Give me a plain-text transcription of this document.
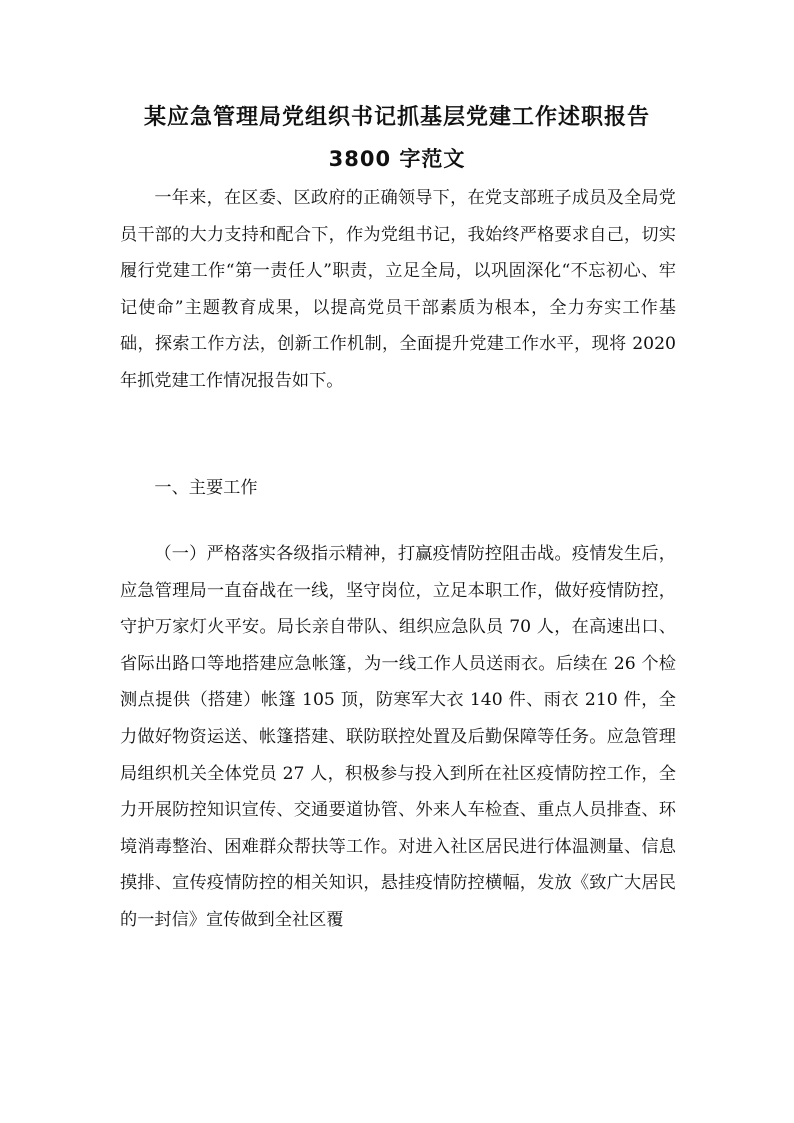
某应急管理局党组织书记抓基层党建工作述职报告
3800 字范文

一年来，在区委、区政府的正确领导下，在党支部班子成员及全局党员干部的大力支持和配合下，作为党组书记，我始终严格要求自己，切实履行党建工作“第一责任人”职责，立足全局，以巩固深化“不忘初心、牢记使命”主题教育成果，以提高党员干部素质为根本，全力夯实工作基础，探索工作方法，创新工作机制，全面提升党建工作水平，现将 2020 年抓党建工作情况报告如下。

一、主要工作

（一）严格落实各级指示精神，打赢疫情防控阻击战。疫情发生后，应急管理局一直奋战在一线，坚守岗位，立足本职工作，做好疫情防控，守护万家灯火平安。局长亲自带队、组织应急队员 70 人，在高速出口、省际出路口等地搭建应急帐篷，为一线工作人员送雨衣。后续在 26 个检测点提供（搭建）帐篷 105 顶，防寒军大衣 140 件、雨衣 210 件，全力做好物资运送、帐篷搭建、联防联控处置及后勤保障等任务。应急管理局组织机关全体党员 27 人，积极参与投入到所在社区疫情防控工作，全力开展防控知识宣传、交通要道协管、外来人车检查、重点人员排查、环境消毒整治、困难群众帮扶等工作。对进入社区居民进行体温测量、信息摸排、宣传疫情防控的相关知识，悬挂疫情防控横幅，发放《致广大居民的一封信》宣传做到全社区覆
